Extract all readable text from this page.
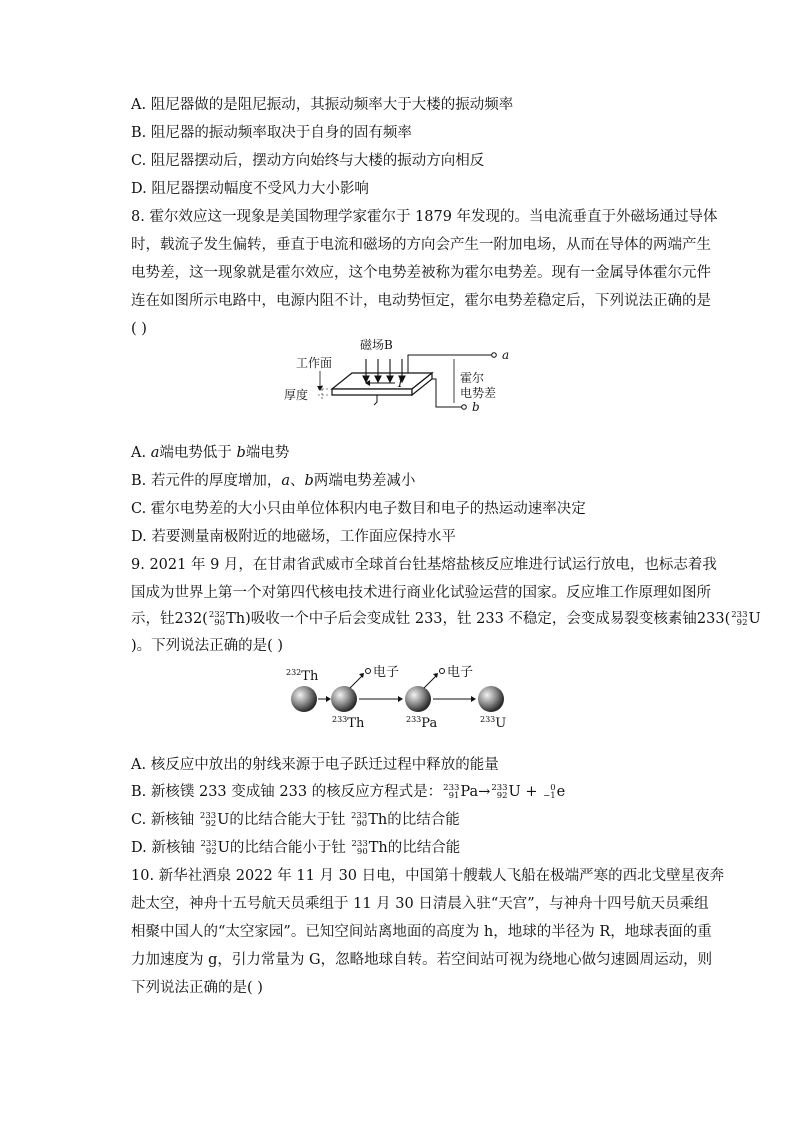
A. 阻尼器做的是阻尼振动，其振动频率大于大楼的振动频率
B. 阻尼器的振动频率取决于自身的固有频率
C. 阻尼器摆动后，摆动方向始终与大楼的振动方向相反
D. 阻尼器摆动幅度不受风力大小影响
8. 霍尔效应这一现象是美国物理学家霍尔于 1879 年发现的。当电流垂直于外磁场通过导体
时，载流子发生偏转，垂直于电流和磁场的方向会产生一附加电场，从而在导体的两端产生
电势差，这一现象就是霍尔效应，这个电势差被称为霍尔电势差。现有一金属导体霍尔元件
连在如图所示电路中，电源内阻不计，电动势恒定，霍尔电势差稳定后，下列说法正确的是
( )
I
a
b
霍尔
电势差
磁场B
工作面
厚度
A. a端电势低于 b端电势
B. 若元件的厚度增加，a、b两端电势差减小
C. 霍尔电势差的大小只由单位体积内电子数目和电子的热运动速率决定
D. 若要测量南极附近的地磁场，工作面应保持水平
9. 2021 年 9 月，在甘肃省武威市全球首台钍基熔盐核反应堆进行试运行放电，也标志着我
国成为世界上第一个对第四代核电技术进行商业化试验运营的国家。反应堆工作原理如图所
示，钍232( 232
90 Th)吸收一个中子后会变成钍 233，钍 233 不稳定，会变成易裂变核素铀233( 233
92 U
)。下列说法正确的是( )
$^{232}$Th
$^{233}$Th
电子
$^{233}$Pa
电子
$^{233}$U
A. 核反应中放出的射线来源于电子跃迁过程中释放的能量
B. 新核镤 233 变成铀 233 的核反应方程式是： 233
91 Pa→ 233
92 U + 0
−1 e
C. 新核铀 233
92 U的比结合能大于钍 233
90 Th的比结合能
D. 新核铀 233
92 U的比结合能小于钍 233
90 Th的比结合能
10. 新华社酒泉 2022 年 11 月 30 日电，中国第十艘载人飞船在极端严寒的西北戈壁星夜奔
赴太空，神舟十五号航天员乘组于 11 月 30 日清晨入驻“天宫”，与神舟十四号航天员乘组
相聚中国人的“太空家园”。已知空间站离地面的高度为 h，地球的半径为 R，地球表面的重
力加速度为 g，引力常量为 G，忽略地球自转。若空间站可视为绕地心做匀速圆周运动，则
下列说法正确的是( )
